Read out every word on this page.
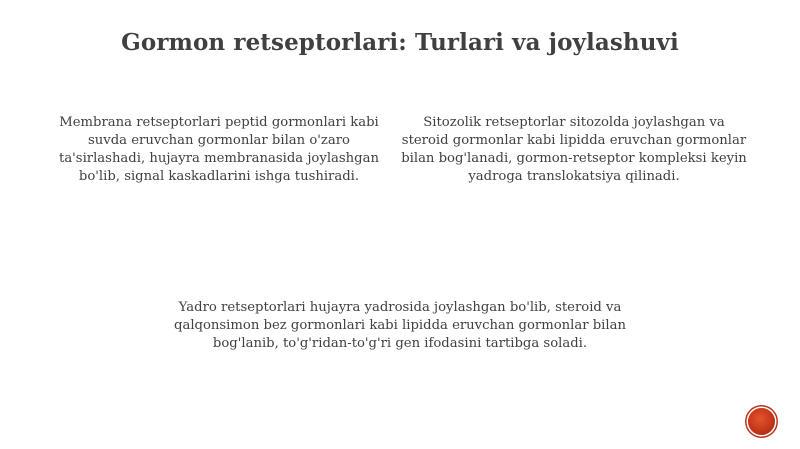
Gormon retseptorlari: Turlari va joylashuvi
Membrana retseptorlari peptid gormonlari kabi suvda eruvchan gormonlar bilan o'zaro ta'sirlashadi, hujayra membranasida joylashgan bo'lib, signal kaskadlarini ishga tushiradi.
Sitozolik retseptorlar sitozolda joylashgan va steroid gormonlar kabi lipidda eruvchan gormonlar bilan bog'lanadi, gormon-retseptor kompleksi keyin yadroga translokatsiya qilinadi.
Yadro retseptorlari hujayra yadrosida joylashgan bo'lib, steroid va qalqonsimon bez gormonlari kabi lipidda eruvchan gormonlar bilan bog'lanib, to'g'ridan-to'g'ri gen ifodasini tartibga soladi.
